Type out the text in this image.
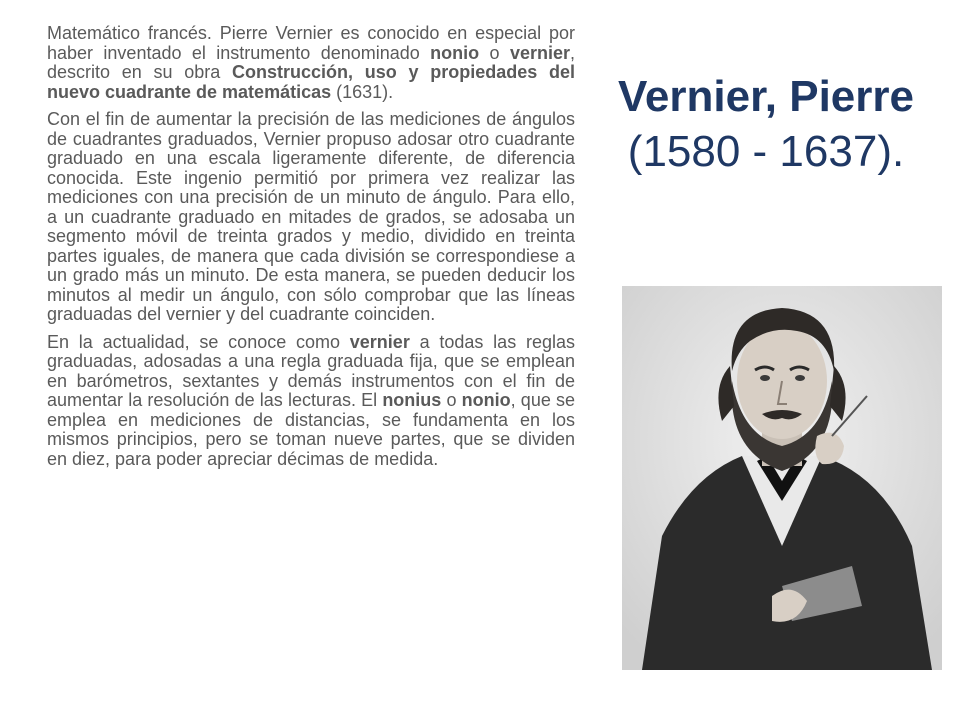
Matemático francés. Pierre Vernier es conocido en especial por haber inventado el instrumento denominado nonio o vernier, descrito en su obra Construcción, uso y propiedades del nuevo cuadrante de matemáticas (1631).

Con el fin de aumentar la precisión de las mediciones de ángulos de cuadrantes graduados, Vernier propuso adosar otro cuadrante graduado en una escala ligeramente diferente, de diferencia conocida. Este ingenio permitió por primera vez realizar las mediciones con una precisión de un minuto de ángulo. Para ello, a un cuadrante graduado en mitades de grados, se adosaba un segmento móvil de treinta grados y medio, dividido en treinta partes iguales, de manera que cada división se correspondiese a un grado más un minuto. De esta manera, se pueden deducir los minutos al medir un ángulo, con sólo comprobar que las líneas graduadas del vernier y del cuadrante coinciden.

En la actualidad, se conoce como vernier a todas las reglas graduadas, adosadas a una regla graduada fija, que se emplean en barómetros, sextantes y demás instrumentos con el fin de aumentar la resolución de las lecturas. El nonius o nonio, que se emplea en mediciones de distancias, se fundamenta en los mismos principios, pero se toman nueve partes, que se dividen en diez, para poder apreciar décimas de medida.

Vernier, Pierre
(1580 - 1637).
